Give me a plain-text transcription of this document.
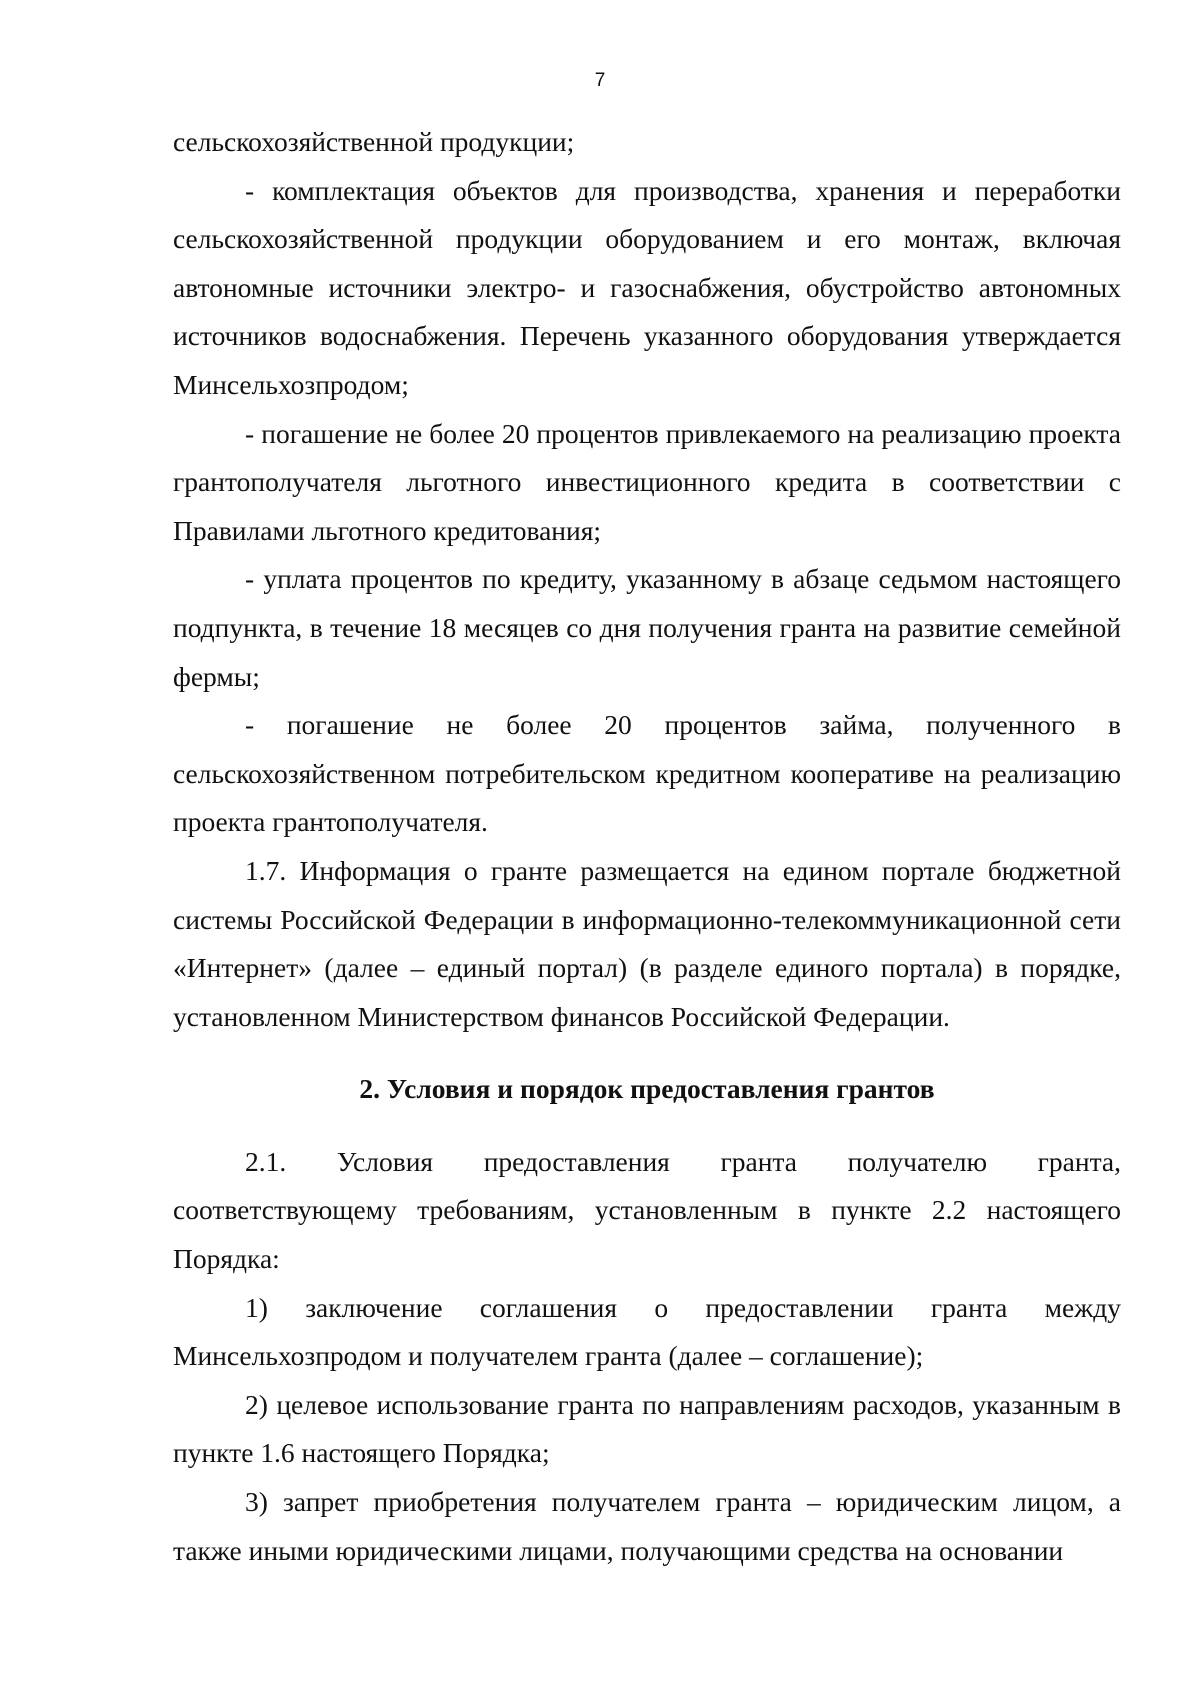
7

сельскохозяйственной продукции;

- комплектация объектов для производства, хранения и переработки сельскохозяйственной продукции оборудованием и его монтаж, включая автономные источники электро- и газоснабжения, обустройство автономных источников водоснабжения. Перечень указанного оборудования утверждается Минсельхозпродом;

- погашение не более 20 процентов привлекаемого на реализацию проекта грантополучателя льготного инвестиционного кредита в соответствии с Правилами льготного кредитования;

- уплата процентов по кредиту, указанному в абзаце седьмом настоящего подпункта, в течение 18 месяцев со дня получения гранта на развитие семейной фермы;

- погашение не более 20 процентов займа, полученного в сельскохозяйственном потребительском кредитном кооперативе на реализацию проекта грантополучателя.

1.7. Информация о гранте размещается на едином портале бюджетной системы Российской Федерации в информационно-телекоммуникационной сети «Интернет» (далее – единый портал) (в разделе единого портала) в порядке, установленном Министерством финансов Российской Федерации.

2. Условия и порядок предоставления грантов

2.1. Условия предоставления гранта получателю гранта, соответствующему требованиям, установленным в пункте 2.2 настоящего Порядка:

1) заключение соглашения о предоставлении гранта между Минсельхозпродом и получателем гранта (далее – соглашение);

2) целевое использование гранта по направлениям расходов, указанным в пункте 1.6 настоящего Порядка;

3) запрет приобретения получателем гранта – юридическим лицом, а также иными юридическими лицами, получающими средства на основании
